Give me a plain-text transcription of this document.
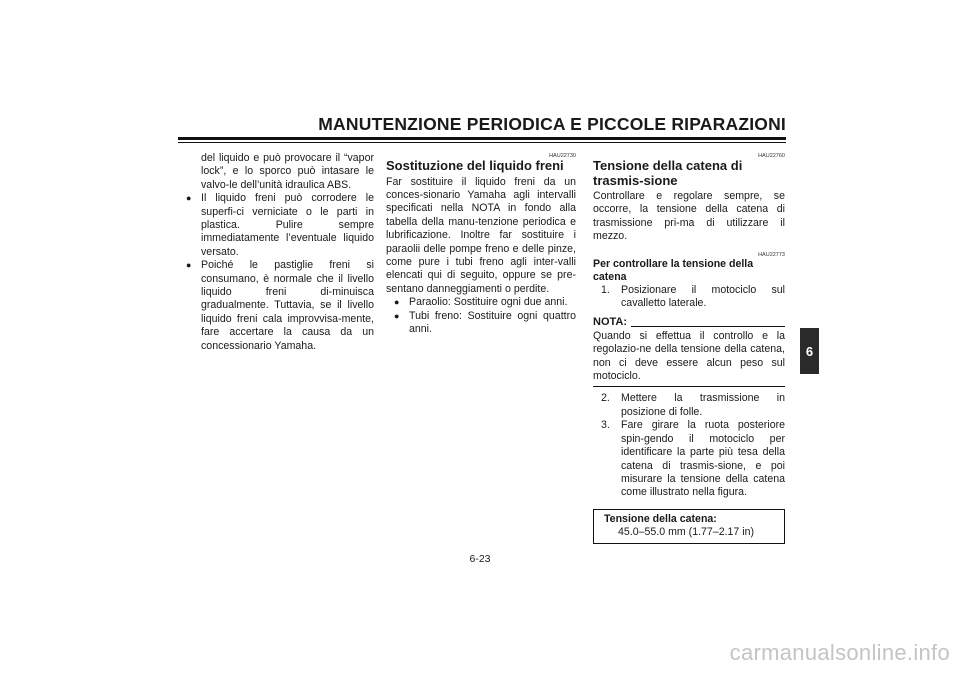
MANUTENZIONE PERIODICA E PICCOLE RIPARAZIONI
6

del liquido e può provocare il “vapor lock”, e lo sporco può intasare le valvo-le dell’unità idraulica ABS.

● Il liquido freni può corrodere le superfi-ci verniciate o le parti in plastica. Pulire sempre immediatamente l’eventuale liquido versato.
● Poiché le pastiglie freni si consumano, è normale che il livello liquido freni di-minuisca gradualmente. Tuttavia, se il livello liquido freni cala improvvisa-mente, fare accertare la causa da un concessionario Yamaha.
HAU22730
Sostituzione del liquido freni

Far sostituire il liquido freni da un conces-sionario Yamaha agli intervalli specificati nella NOTA in fondo alla tabella della manu-tenzione periodica e lubrificazione. Inoltre far sostituire i paraolii delle pompe freno e delle pinze, come pure i tubi freno agli inter-valli elencati qui di seguito, oppure se pre-sentano danneggiamenti o perdite.

● Paraolio: Sostituire ogni due anni.
● Tubi freno: Sostituire ogni quattro anni.
HAU22760
Tensione della catena di trasmis-sione

Controllare e regolare sempre, se occorre, la tensione della catena di trasmissione pri-ma di utilizzare il mezzo.

HAU22773
Per controllare la tensione della catena
1.	Posizionare il motociclo sul cavalletto laterale.
NOTA:

Quando si effettua il controllo e la regolazio-ne della tensione della catena, non ci deve essere alcun peso sul motociclo.

2.	Mettere la trasmissione in posizione di folle.
3.	Fare girare la ruota posteriore spin-gendo il motociclo per identificare la parte più tesa della catena di trasmis-sione, e poi misurare la tensione della catena come illustrato nella figura.
Tensione della catena:
45.0–55.0 mm (1.77–2.17 in)
6-23
carmanualsonline.info
